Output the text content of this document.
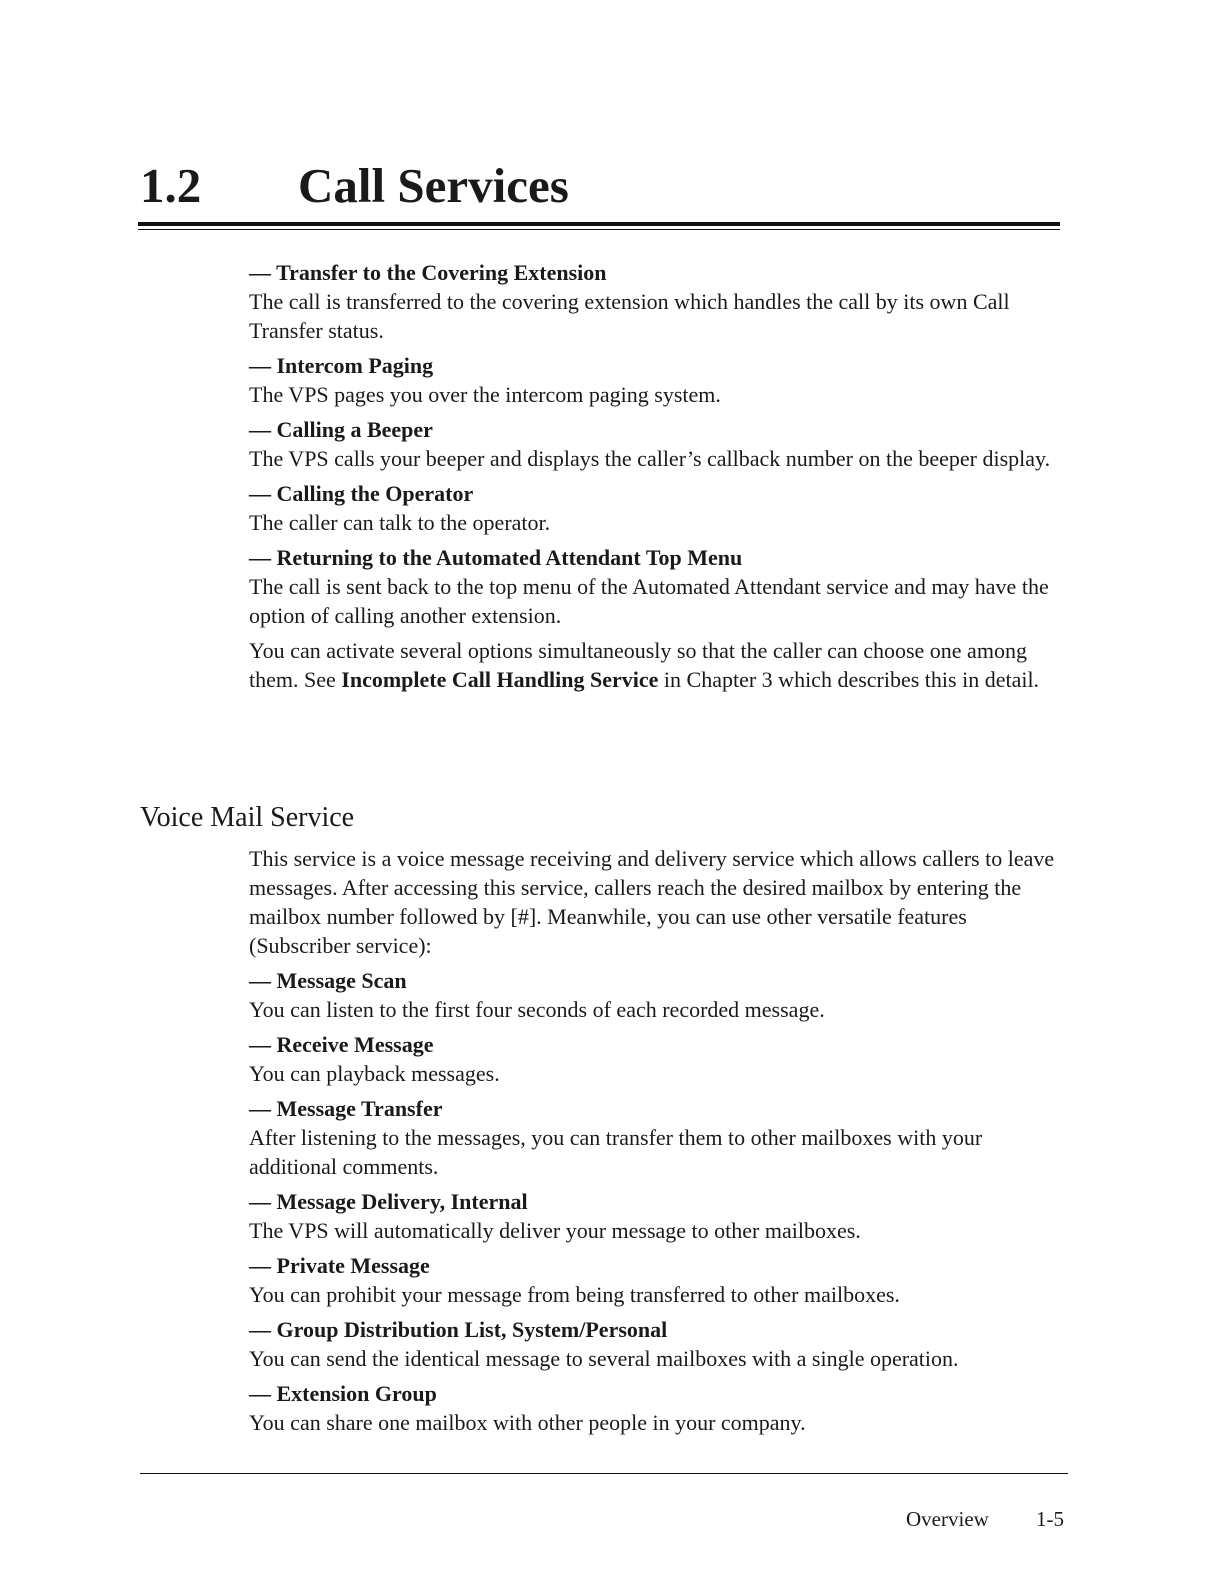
1.2 Call Services

— Transfer to the Covering Extension

The call is transferred to the covering extension which handles the call by its own Call Transfer status.

— Intercom Paging

The VPS pages you over the intercom paging system.

— Calling a Beeper

The VPS calls your beeper and displays the caller’s callback number on the beeper display.

— Calling the Operator

The caller can talk to the operator.

— Returning to the Automated Attendant Top Menu

The call is sent back to the top menu of the Automated Attendant service and may have the option of calling another extension.

You can activate several options simultaneously so that the caller can choose one among them. See Incomplete Call Handling Service in Chapter 3 which describes this in detail.

Voice Mail Service

This service is a voice message receiving and delivery service which allows callers to leave messages. After accessing this service, callers reach the desired mailbox by entering the mailbox number followed by [#]. Meanwhile, you can use other versatile features (Subscriber service):

— Message Scan

You can listen to the first four seconds of each recorded message.

— Receive Message

You can playback messages.

— Message Transfer

After listening to the messages, you can transfer them to other mailboxes with your additional comments.

— Message Delivery, Internal

The VPS will automatically deliver your message to other mailboxes.

— Private Message

You can prohibit your message from being transferred to other mailboxes.

— Group Distribution List, System/Personal

You can send the identical message to several mailboxes with a single operation.

— Extension Group

You can share one mailbox with other people in your company.

Overview 1-5
